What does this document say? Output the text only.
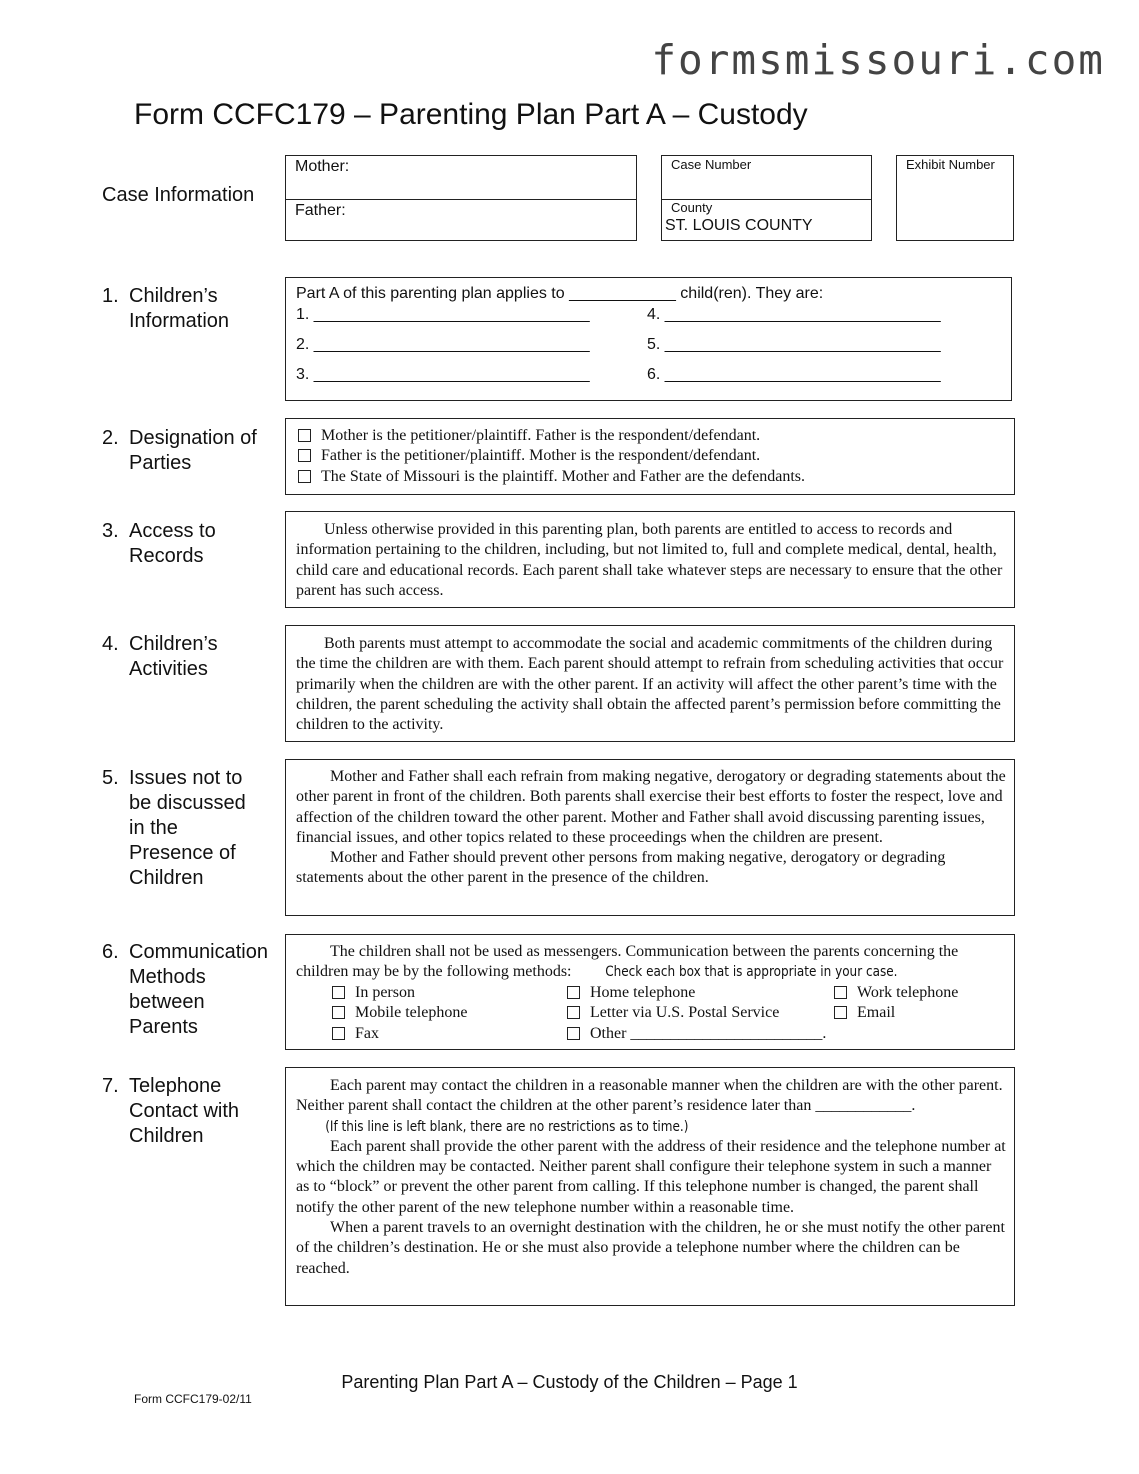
formsmissouri.com
Form CCFC179 – Parenting Plan Part A – Custody
Case Information
Mother:
Father:
Case Number
County
ST. LOUIS COUNTY
Exhibit Number
1. Children’s
Information
Part A of this parenting plan applies to ____________ child(ren). They are:
1. _______________________________
2. _______________________________
3. _______________________________
4. _______________________________
5. _______________________________
6. _______________________________
2. Designation of
Parties
Mother is the petitioner/plaintiff. Father is the respondent/defendant.
Father is the petitioner/plaintiff. Mother is the respondent/defendant.
The State of Missouri is the plaintiff. Mother and Father are the defendants.
3. Access to
Records

Unless otherwise provided in this parenting plan, both parents are entitled to access to records and information pertaining to the children, including, but not limited to, full and complete medical, dental, health, child care and educational records. Each parent shall take whatever steps are necessary to ensure that the other parent has such access.

4. Children’s
Activities

Both parents must attempt to accommodate the social and academic commitments of the children during the time the children are with them. Each parent should attempt to refrain from scheduling activities that occur primarily when the children are with the other parent. If an activity will affect the other parent’s time with the children, the parent scheduling the activity shall obtain the affected parent’s permission before committing the children to the activity.

5. Issues not to
be discussed
in the
Presence of
Children

Mother and Father shall each refrain from making negative, derogatory or degrading statements about the other parent in front of the children. Both parents shall exercise their best efforts to foster the respect, love and affection of the children toward the other parent. Mother and Father shall avoid discussing parenting issues, financial issues, and other topics related to these proceedings when the children are present.

Mother and Father should prevent other persons from making negative, derogatory or degrading statements about the other parent in the presence of the children.

6. Communication
Methods
between
Parents

The children shall not be used as messengers. Communication between the parents concerning the children may be by the following methods: Check each box that is appropriate in your case.

In person
Mobile telephone
Fax
Home telephone
Letter via U.S. Postal Service
Other ________________________.
Work telephone
Email
7. Telephone
Contact with
Children

Each parent may contact the children in a reasonable manner when the children are with the other parent. Neither parent shall contact the children at the other parent’s residence later than ____________. (If this line is left blank, there are no restrictions as to time.)

Each parent shall provide the other parent with the address of their residence and the telephone number at which the children may be contacted. Neither parent shall configure their telephone system in such a manner as to “block” or prevent the other parent from calling. If this telephone number is changed, the parent shall notify the other parent of the new telephone number within a reasonable time.

When a parent travels to an overnight destination with the children, he or she must notify the other parent of the children’s destination. He or she must also provide a telephone number where the children can be reached.

Parenting Plan Part A – Custody of the Children – Page 1
Form CCFC179-02/11
